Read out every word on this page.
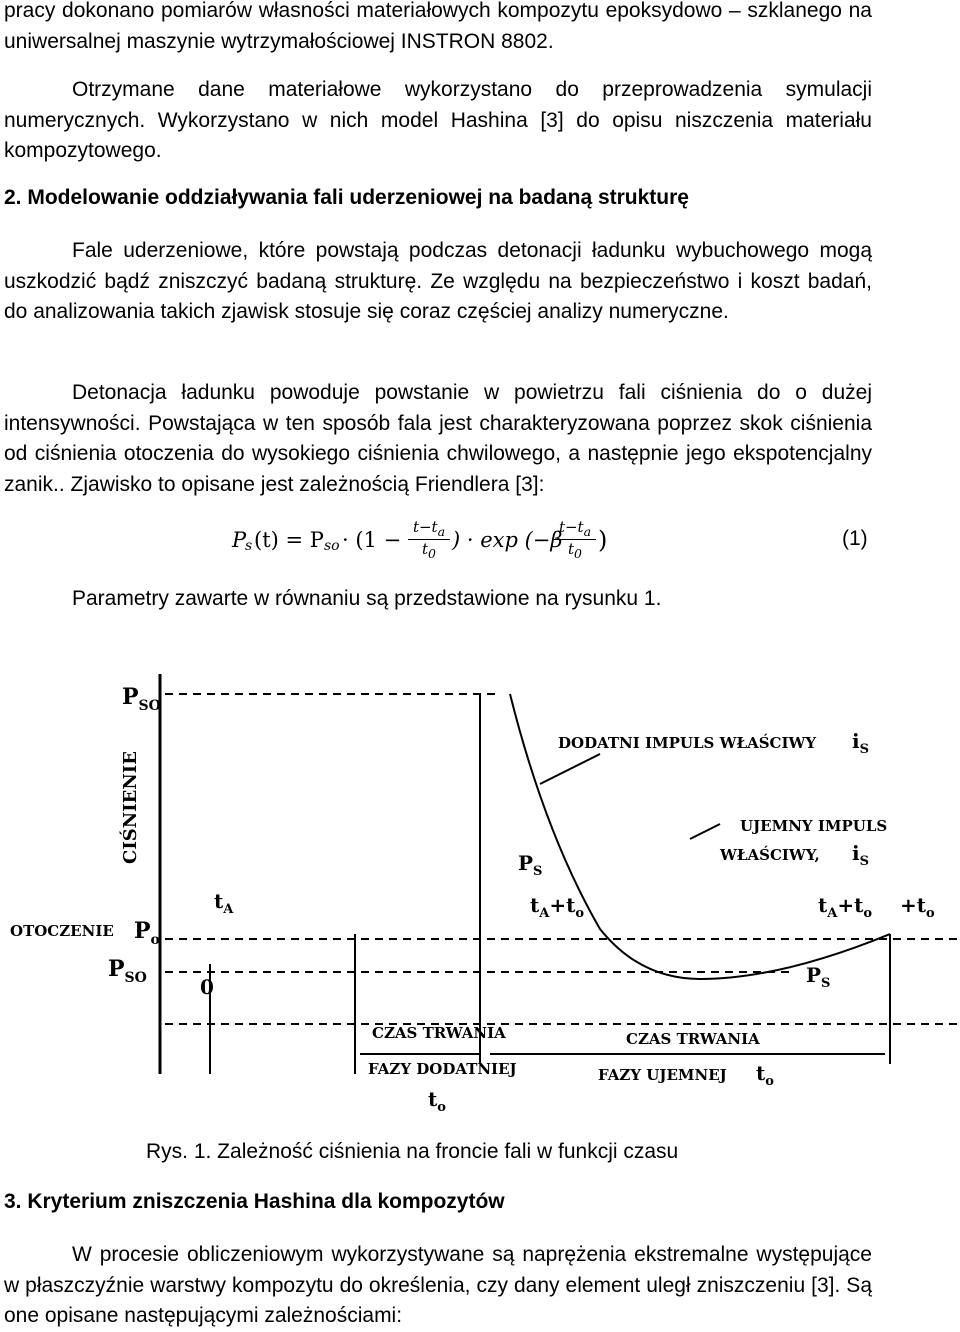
pracy dokonano pomiarów własności materiałowych kompozytu epoksydowo – szklanego na uniwersalnej maszynie wytrzymałościowej INSTRON 8802.

Otrzymane dane materiałowe wykorzystano do przeprowadzenia symulacji numerycznych. Wykorzystano w nich model Hashina [3] do opisu niszczenia materiału kompozytowego.

2. Modelowanie oddziaływania fali uderzeniowej na badaną strukturę

Fale uderzeniowe, które powstają podczas detonacji ładunku wybuchowego mogą uszkodzić bądź zniszczyć badaną strukturę. Ze względu na bezpieczeństwo i koszt badań, do analizowania takich zjawisk stosuje się coraz częściej analizy numeryczne.

Detonacja ładunku powoduje powstanie w powietrzu fali ciśnienia do o dużej intensywności. Powstająca w ten sposób fala jest charakteryzowana poprzez skok ciśnienia od ciśnienia otoczenia do wysokiego ciśnienia chwilowego, a następnie jego ekspotencjalny zanik.. Zjawisko to opisane jest zależnością Friendlera [3]:

P
s (t) = P so · ($1 - \frac{t-t_a}{t_0}$ ) · exp (−β
$\frac{t-t_a}{t_0}$ )	(1)

Parametry zawarte w równaniu są przedstawione na rysunku 1.

$P_{SO}$
CIŚNIENIE
DODATNI IMPULS WŁAŚCIWY $i_S$
UJEMNY IMPULS
WŁAŚCIWY, $i_S$
$P_S$
$t_A$	$t_A+t_o$	$t_A+t_o +t_o$
OTOCZENIE $P_o$
$P_{SO}$	0	$P_S$
CZAS TRWANIA
FAZY DODATNIEJ
CZAS TRWANIA
FAZY UJEMNEJ $t_o$
$t_o$
Rys. 1. Zależność ciśnienia na froncie fali w funkcji czasu
3. Kryterium zniszczenia Hashina dla kompozytów

W procesie obliczeniowym wykorzystywane są naprężenia ekstremalne występujące w płaszczyźnie warstwy kompozytu do określenia, czy dany element uległ zniszczeniu [3]. Są one opisane następującymi zależnościami:
